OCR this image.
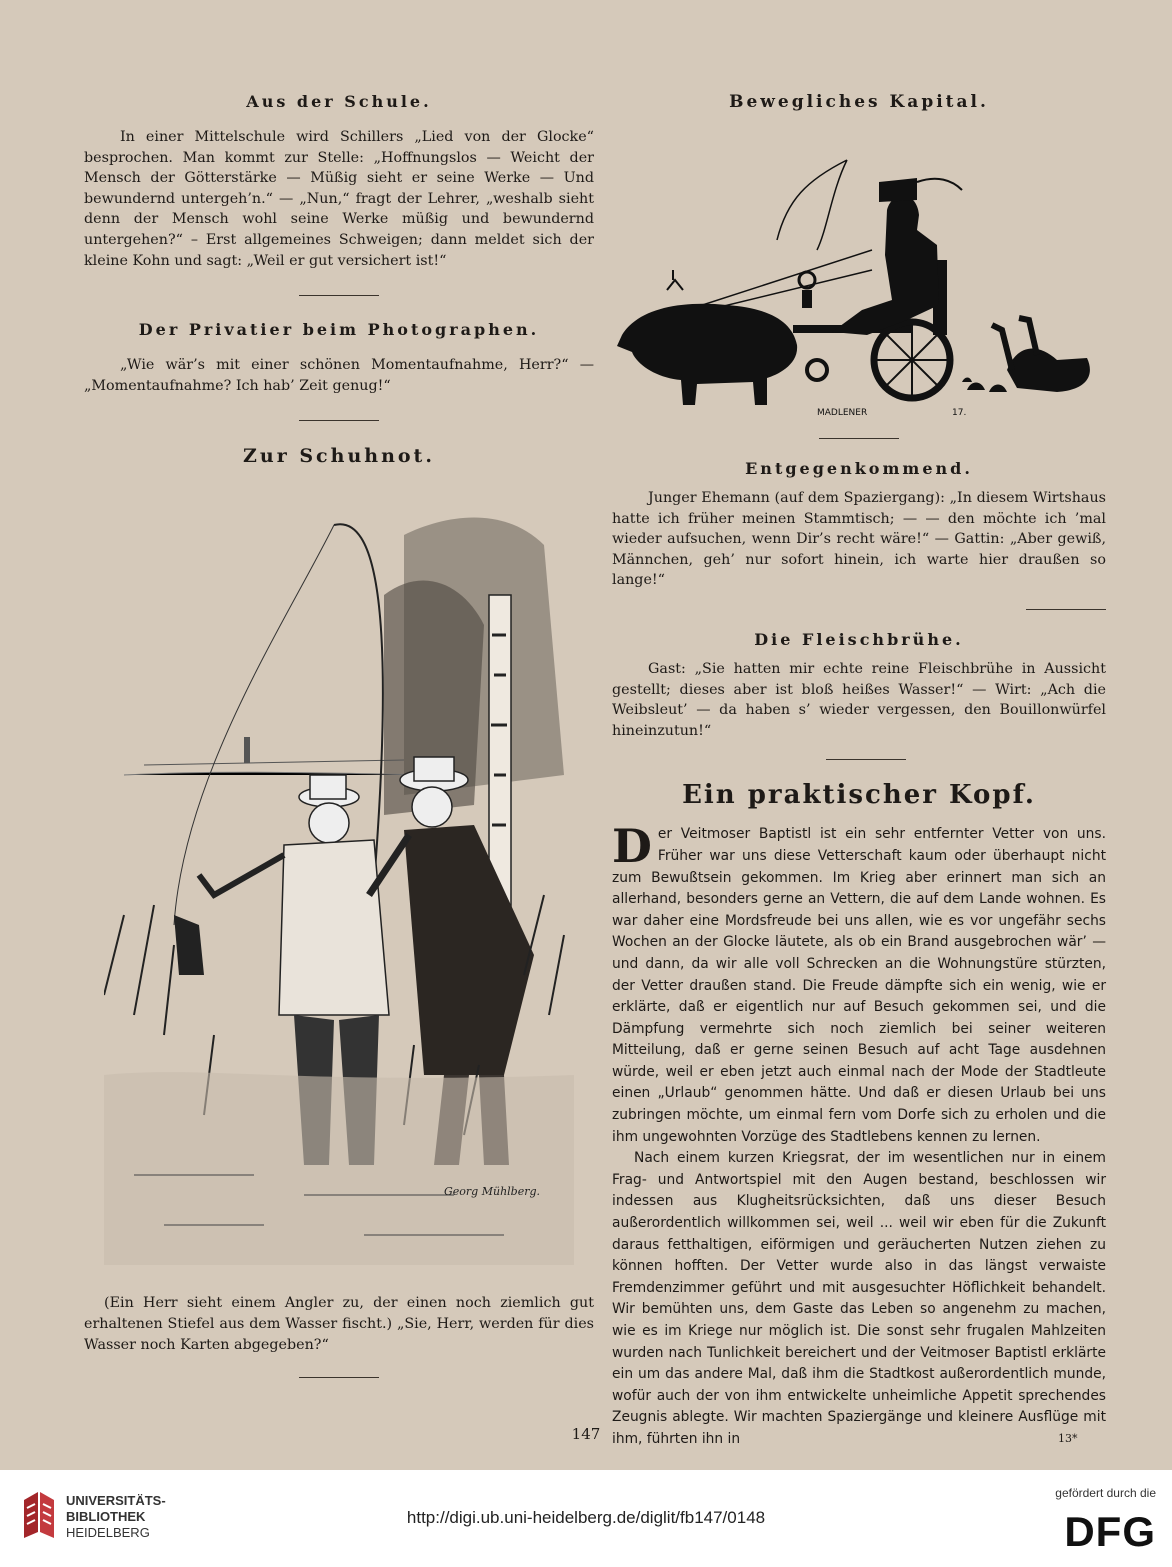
Aus der Schule.

In einer Mittelschule wird Schillers „Lied von der Glocke“ besprochen. Man kommt zur Stelle: „Hoffnungslos — Weicht der Mensch der Götterstärke — Müßig sieht er seine Werke — Und bewundernd untergeh’n.“ — „Nun,“ fragt der Lehrer, „weshalb sieht denn der Mensch wohl seine Werke müßig und bewundernd untergehen?“ – Erst allgemeines Schweigen; dann meldet sich der kleine Kohn und sagt: „Weil er gut versichert ist!“

Der Privatier beim Photographen.

„Wie wär’s mit einer schönen Momentaufnahme, Herr?“ — „Momentaufnahme? Ich hab’ Zeit genug!“

Zur Schuhnot.
Georg Mühlberg.

(Ein Herr sieht einem Angler zu, der einen noch ziemlich gut erhaltenen Stiefel aus dem Wasser fischt.) „Sie, Herr, werden für dies Wasser noch Karten abgegeben?“

Bewegliches Kapital.
MADLENER	17.
Entgegenkommend.

Junger Ehemann (auf dem Spaziergang): „In diesem Wirtshaus hatte ich früher meinen Stammtisch; — — den möchte ich ’mal wieder aufsuchen, wenn Dir’s recht wäre!“ — Gattin: „Aber gewiß, Männchen, geh’ nur sofort hinein, ich warte hier draußen so lange!“

Die Fleischbrühe.

Gast: „Sie hatten mir echte reine Fleischbrühe in Aussicht gestellt; dieses aber ist bloß heißes Wasser!“ — Wirt: „Ach die Weibsleut’ — da haben s’ wieder vergessen, den Bouillonwürfel hineinzutun!“

Ein praktischer Kopf.

Der Veitmoser Baptistl ist ein sehr entfernter Vetter von uns. Früher war uns diese Vetterschaft kaum oder überhaupt nicht zum Bewußtsein gekommen. Im Krieg aber erinnert man sich an allerhand, besonders gerne an Vettern, die auf dem Lande wohnen. Es war daher eine Mordsfreude bei uns allen, wie es vor ungefähr sechs Wochen an der Glocke läutete, als ob ein Brand ausgebrochen wär’ — und dann, da wir alle voll Schrecken an die Wohnungstüre stürzten, der Vetter draußen stand. Die Freude dämpfte sich ein wenig, wie er erklärte, daß er eigentlich nur auf Besuch gekommen sei, und die Dämpfung vermehrte sich noch ziemlich bei seiner weiteren Mitteilung, daß er gerne seinen Besuch auf acht Tage ausdehnen würde, weil er eben jetzt auch einmal nach der Mode der Stadtleute einen „Urlaub“ genommen hätte. Und daß er diesen Urlaub bei uns zubringen möchte, um einmal fern vom Dorfe sich zu erholen und die ihm ungewohnten Vorzüge des Stadtlebens kennen zu lernen.

Nach einem kurzen Kriegsrat, der im wesentlichen nur in einem Frag- und Antwortspiel mit den Augen bestand, beschlossen wir indessen aus Klugheitsrücksichten, daß uns dieser Besuch außerordentlich willkommen sei, weil ... weil wir eben für die Zukunft daraus fetthaltigen, eiförmigen und geräucherten Nutzen ziehen zu können hofften. Der Vetter wurde also in das längst verwaiste Fremdenzimmer geführt und mit ausgesuchter Höflichkeit behandelt. Wir bemühten uns, dem Gaste das Leben so angenehm zu machen, wie es im Kriege nur möglich ist. Die sonst sehr frugalen Mahlzeiten wurden nach Tunlichkeit bereichert und der Veitmoser Baptistl erklärte ein um das andere Mal, daß ihm die Stadtkost außerordentlich munde, wofür auch der von ihm entwickelte unheimliche Appetit sprechendes Zeugnis ablegte. Wir machten Spaziergänge und kleinere Ausflüge mit ihm, führten ihn in

147	13*
UNIVERSITÄTS-
BIBLIOTHEK
HEIDELBERG
http://digi.ub.uni-heidelberg.de/diglit/fb147/0148
gefördert durch die
DFG
